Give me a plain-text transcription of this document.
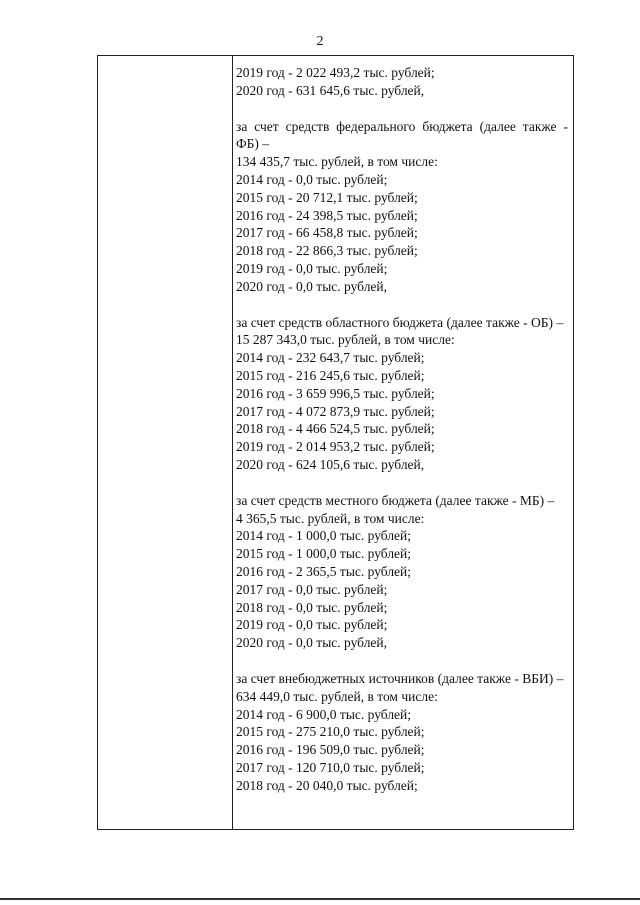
2
2019 год - 2 022 493,2 тыс. рублей;
2020 год - 631 645,6 тыс. рублей,
за счет средств федерального бюджета (далее также - ФБ) –
134 435,7 тыс. рублей, в том числе:
2014 год - 0,0 тыс. рублей;
2015 год - 20 712,1 тыс. рублей;
2016 год - 24 398,5 тыс. рублей;
2017 год - 66 458,8 тыс. рублей;
2018 год - 22 866,3 тыс. рублей;
2019 год - 0,0 тыс. рублей;
2020 год - 0,0 тыс. рублей,
за счет средств областного бюджета (далее также - ОБ) –
15 287 343,0 тыс. рублей, в том числе:
2014 год - 232 643,7 тыс. рублей;
2015 год - 216 245,6 тыс. рублей;
2016 год - 3 659 996,5 тыс. рублей;
2017 год - 4 072 873,9 тыс. рублей;
2018 год - 4 466 524,5 тыс. рублей;
2019 год - 2 014 953,2 тыс. рублей;
2020 год - 624 105,6 тыс. рублей,
за счет средств местного бюджета (далее также - МБ) –
4 365,5 тыс. рублей, в том числе:
2014 год - 1 000,0 тыс. рублей;
2015 год - 1 000,0 тыс. рублей;
2016 год - 2 365,5 тыс. рублей;
2017 год - 0,0 тыс. рублей;
2018 год - 0,0 тыс. рублей;
2019 год - 0,0 тыс. рублей;
2020 год - 0,0 тыс. рублей,
за счет внебюджетных источников (далее также - ВБИ) –
634 449,0 тыс. рублей, в том числе:
2014 год - 6 900,0 тыс. рублей;
2015 год - 275 210,0 тыс. рублей;
2016 год - 196 509,0 тыс. рублей;
2017 год - 120 710,0 тыс. рублей;
2018 год - 20 040,0 тыс. рублей;
